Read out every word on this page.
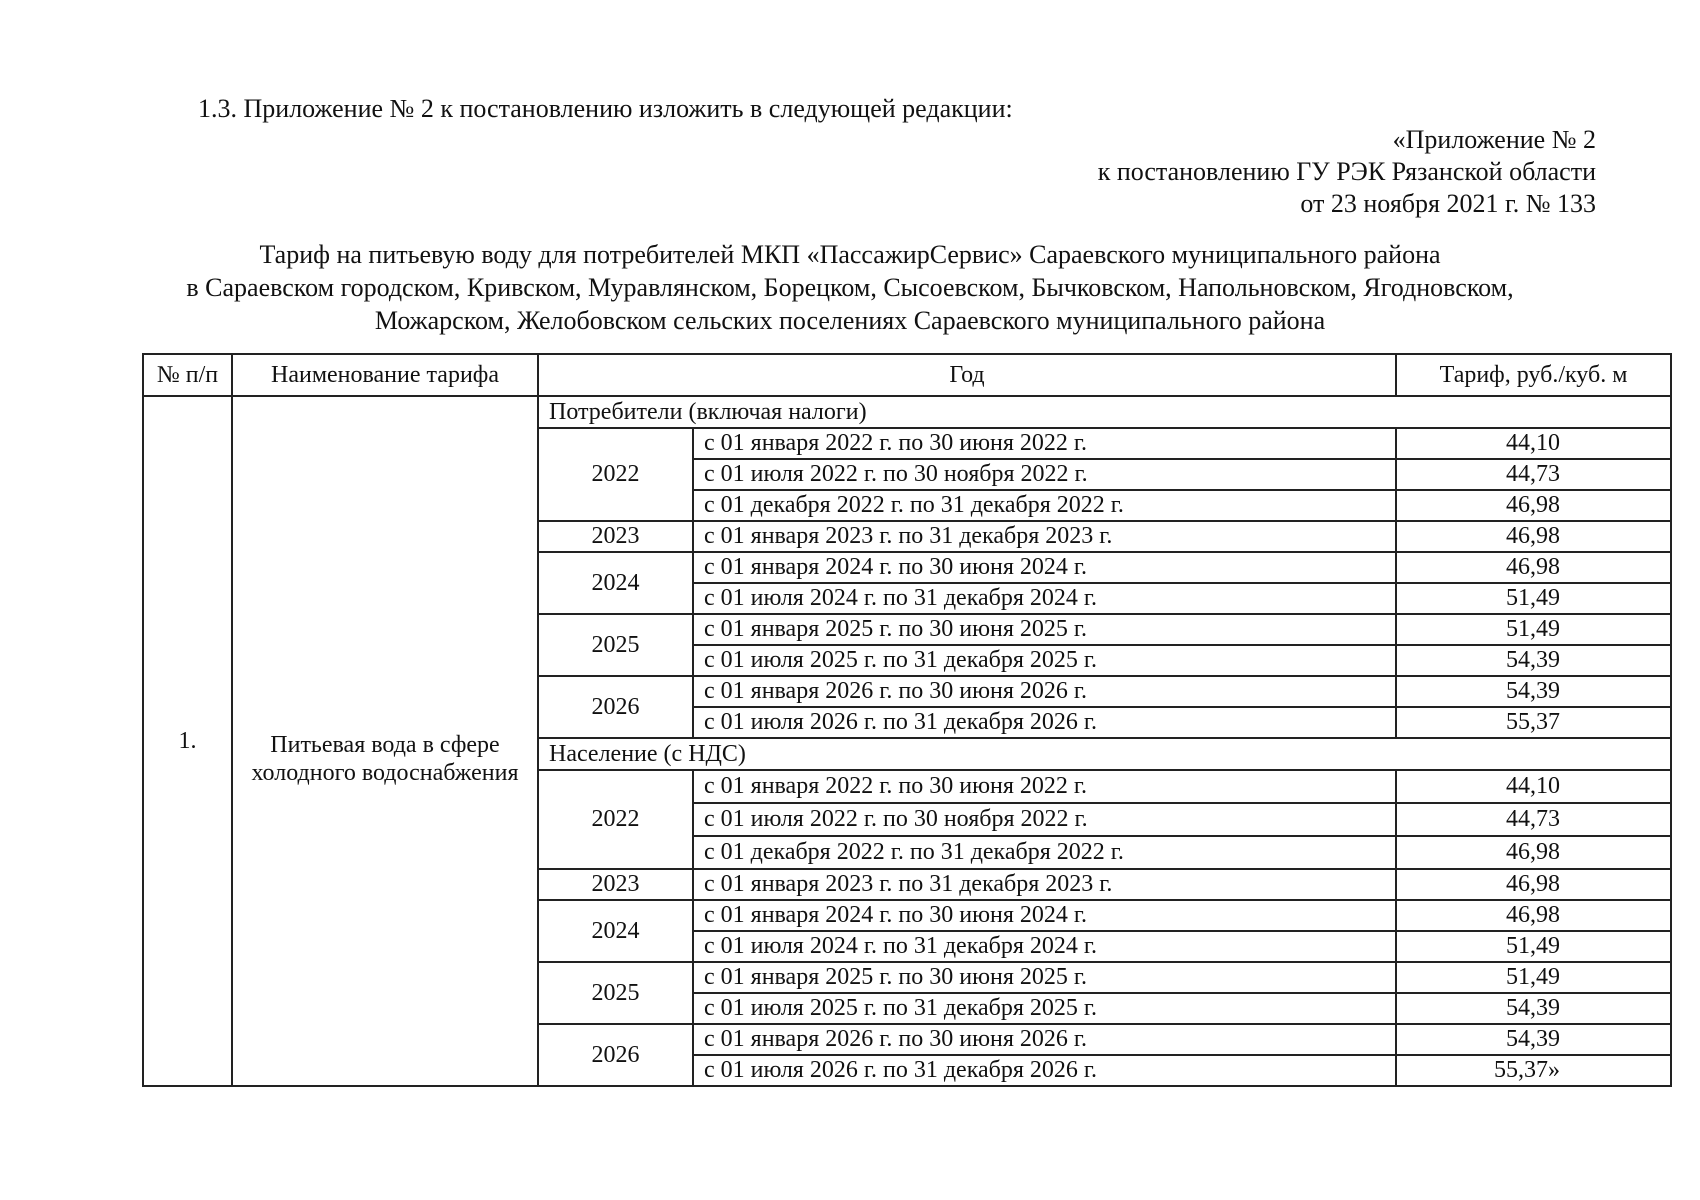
1.3. Приложение № 2 к постановлению изложить в следующей редакции:
«Приложение № 2
к постановлению ГУ РЭК Рязанской области
от 23 ноября 2021 г. № 133
Тариф на питьевую воду для потребителей МКП «ПассажирСервис» Сараевского муниципального района
в Сараевском городском, Кривском, Муравлянском, Борецком, Сысоевском, Бычковском, Напольновском, Ягодновском,
Можарском, Желобовском сельских поселениях Сараевского муниципального района
№ п/п	Наименование тарифа	Год		Тариф, руб./куб. м
1.	Питьевая вода в сфере холодного водоснабжения	Потребители (включая налоги)		
		2022	с 01 января 2022 г. по 30 июня 2022 г.	44,10
			с 01 июля 2022 г. по 30 ноября 2022 г.	44,73
			с 01 декабря 2022 г. по 31 декабря 2022 г.	46,98
		2023	с 01 января 2023 г. по 31 декабря 2023 г.	46,98
		2024	с 01 января 2024 г. по 30 июня 2024 г.	46,98
			с 01 июля 2024 г. по 31 декабря 2024 г.	51,49
		2025	с 01 января 2025 г. по 30 июня 2025 г.	51,49
			с 01 июля 2025 г. по 31 декабря 2025 г.	54,39
		2026	с 01 января 2026 г. по 30 июня 2026 г.	54,39
			с 01 июля 2026 г. по 31 декабря 2026 г.	55,37
		Население (с НДС)		
		2022	с 01 января 2022 г. по 30 июня 2022 г.	44,10
			с 01 июля 2022 г. по 30 ноября 2022 г.	44,73
			с 01 декабря 2022 г. по 31 декабря 2022 г.	46,98
		2023	с 01 января 2023 г. по 31 декабря 2023 г.	46,98
		2024	с 01 января 2024 г. по 30 июня 2024 г.	46,98
			с 01 июля 2024 г. по 31 декабря 2024 г.	51,49
		2025	с 01 января 2025 г. по 30 июня 2025 г.	51,49
			с 01 июля 2025 г. по 31 декабря 2025 г.	54,39
		2026	с 01 января 2026 г. по 30 июня 2026 г.	54,39
			с 01 июля 2026 г. по 31 декабря 2026 г.	55,37»
